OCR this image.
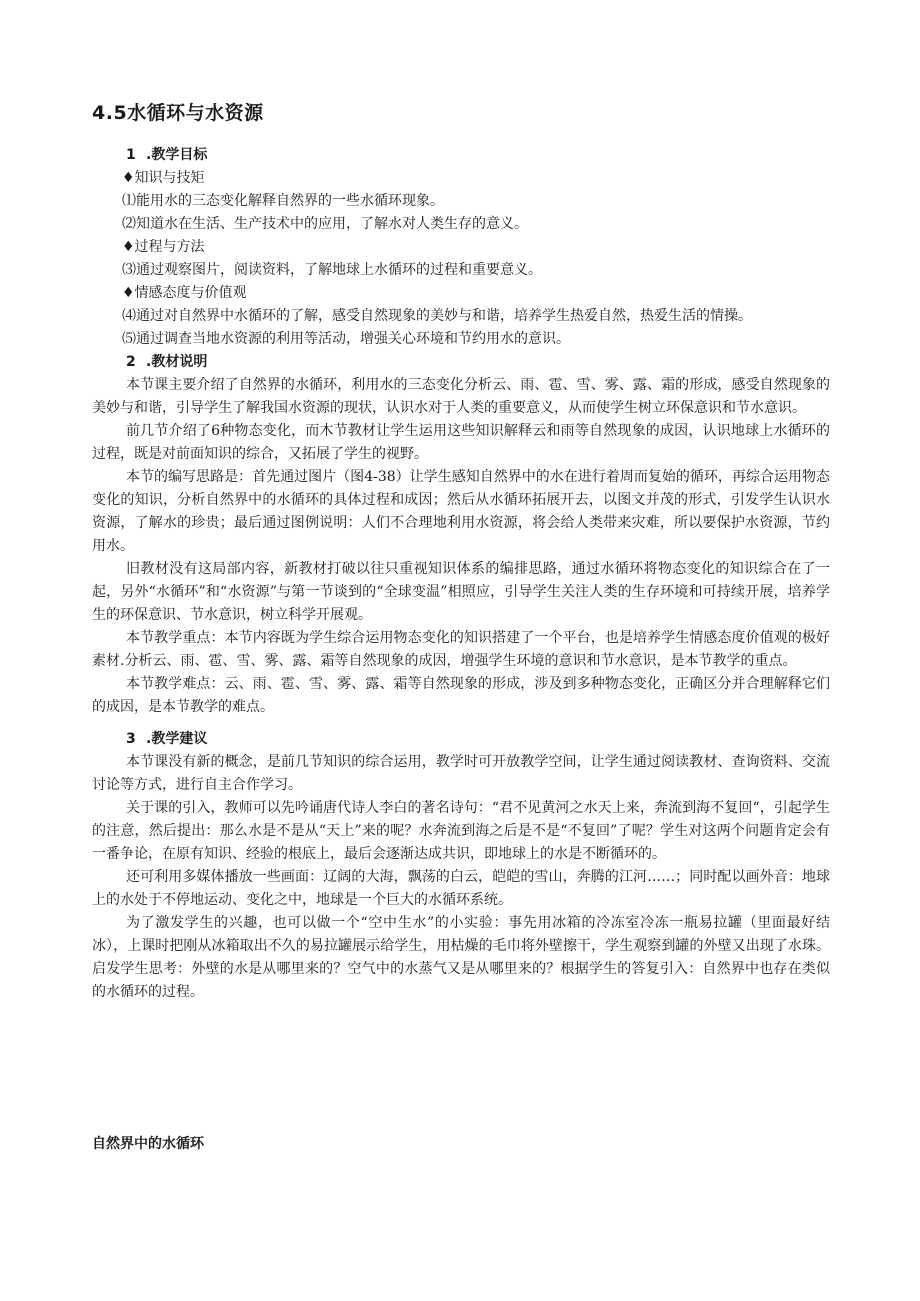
4.5水循环与水资源
1 .教学目标
♦知识与技矩
⑴能用水的三态变化解释自然界的一些水循环现象。
⑵知道水在生活、生产技术中的应用，了解水对人类生存的意义。
♦过程与方法
⑶通过观察图片，阅读资料，了解地球上水循环的过程和重要意义。
♦情感态度与价值观
⑷通过对自然界中水循环的了解，感受自然现象的美妙与和谐，培养学生热爱自然，热爱生活的情操。
⑸通过调查当地水资源的利用等活动，增强关心环境和节约用水的意识。
2 .教材说明

本节课主要介绍了自然界的水循环，利用水的三态变化分析云、雨、雹、雪、雾、露、霜的形成，感受自然现象的美妙与和谐，引导学生了解我国水资源的现状，认识水对于人类的重要意义，从而使学生树立环保意识和节水意识。

前几节介绍了6种物态变化，而木节教材让学生运用这些知识解释云和雨等自然现象的成因，认识地球上水循环的过程，既是对前面知识的综合，又拓展了学生的视野。

本节的编写思路是：首先通过图片（图4-38）让学生感知自然界中的水在进行着周而复始的循环，再综合运用物态变化的知识，分析自然界中的水循环的具体过程和成因；然后从水循环拓展开去，以图文并茂的形式，引发学生认识水资源，了解水的珍贵；最后通过图例说明：人们不合理地利用水资源，将会给人类带来灾难，所以要保护水资源，节约用水。

旧教材没有这局部内容，新教材打破以往只重视知识体系的编排思路，通过水循环将物态变化的知识综合在了一起，另外“水循环”和“水资源”与第一节谈到的“全球变温”相照应，引导学生关注人类的生存环境和可持续开展，培养学生的环保意识、节水意识，树立科学开展观。

本节教学重点：本节内容既为学生综合运用物态变化的知识搭建了一个平台，也是培养学生情感态度价值观的极好素材.分析云、雨、雹、雪、雾、露、霜等自然现象的成因，增强学生环境的意识和节水意识，是本节教学的重点。

本节教学难点：云、雨、雹、雪、雾、露、霜等自然现象的形成，涉及到多种物态变化，正确区分并合理解释它们的成因，是本节教学的难点。

3 .教学建议

本节课没有新的概念，是前几节知识的综合运用，教学时可开放教学空间，让学生通过阅读教材、查询资料、交流讨论等方式，进行自主合作学习。

关于课的引入，教师可以先吟诵唐代诗人李白的著名诗句：“君不见黄河之水天上来，奔流到海不复回“，引起学生的注意，然后提出：那么水是不是从“天上”来的呢？水奔流到海之后是不是“不复回”了呢？学生对这两个问题肯定会有一番争论，在原有知识、经验的根底上，最后会逐渐达成共识，即地球上的水是不断循环的。

还可利用多媒体播放一些画面：辽阔的大海，飘荡的白云，皑皑的雪山，奔腾的江河……；同时配以画外音：地球上的水处于不停地运动、变化之中，地球是一个巨大的水循环系统。

为了激发学生的兴趣，也可以做一个“空中生水”的小实验：事先用冰箱的冷冻室冷冻一瓶易拉罐（里面最好结冰），上课时把刚从冰箱取出不久的易拉罐展示给学生，用枯燥的毛巾将外壁擦干，学生观察到罐的外壁又出现了水珠。启发学生思考：外壁的水是从哪里来的？空气中的水蒸气又是从哪里来的？根据学生的答复引入：自然界中也存在类似的水循环的过程。

自然界中的水循环
